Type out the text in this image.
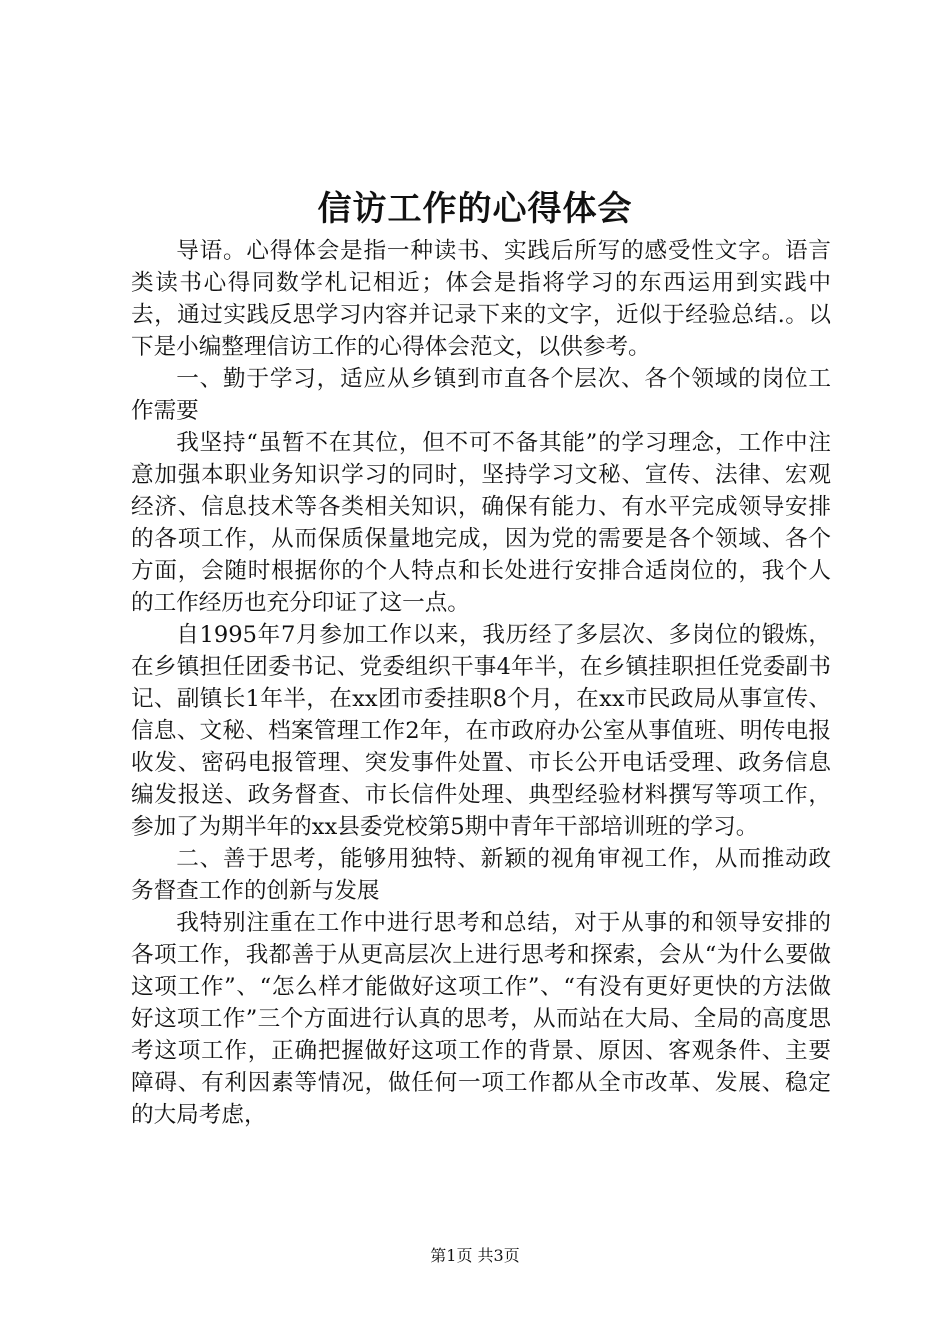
信访工作的心得体会

导语。心得体会是指一种读书、实践后所写的感受性文字。语言类读书心得同数学札记相近；体会是指将学习的东西运用到实践中去，通过实践反思学习内容并记录下来的文字，近似于经验总结.。以下是小编整理信访工作的心得体会范文，以供参考。

一、勤于学习，适应从乡镇到市直各个层次、各个领域的岗位工作需要

我坚持“虽暂不在其位，但不可不备其能”的学习理念，工作中注意加强本职业务知识学习的同时，坚持学习文秘、宣传、法律、宏观经济、信息技术等各类相关知识，确保有能力、有水平完成领导安排的各项工作，从而保质保量地完成，因为党的需要是各个领域、各个方面，会随时根据你的个人特点和长处进行安排合适岗位的，我个人的工作经历也充分印证了这一点。

自1995年7月参加工作以来，我历经了多层次、多岗位的锻炼，在乡镇担任团委书记、党委组织干事4年半，在乡镇挂职担任党委副书记、副镇长1年半，在xx团市委挂职8个月，在xx市民政局从事宣传、信息、文秘、档案管理工作2年，在市政府办公室从事值班、明传电报收发、密码电报管理、突发事件处置、市长公开电话受理、政务信息编发报送、政务督查、市长信件处理、典型经验材料撰写等项工作，参加了为期半年的xx县委党校第5期中青年干部培训班的学习。

二、善于思考，能够用独特、新颖的视角审视工作，从而推动政务督查工作的创新与发展

我特别注重在工作中进行思考和总结，对于从事的和领导安排的各项工作，我都善于从更高层次上进行思考和探索，会从“为什么要做这项工作”、“怎么样才能做好这项工作”、“有没有更好更快的方法做好这项工作”三个方面进行认真的思考，从而站在大局、全局的高度思考这项工作，正确把握做好这项工作的背景、原因、客观条件、主要障碍、有利因素等情况，做任何一项工作都从全市改革、发展、稳定的大局考虑，

第1页 共3页
